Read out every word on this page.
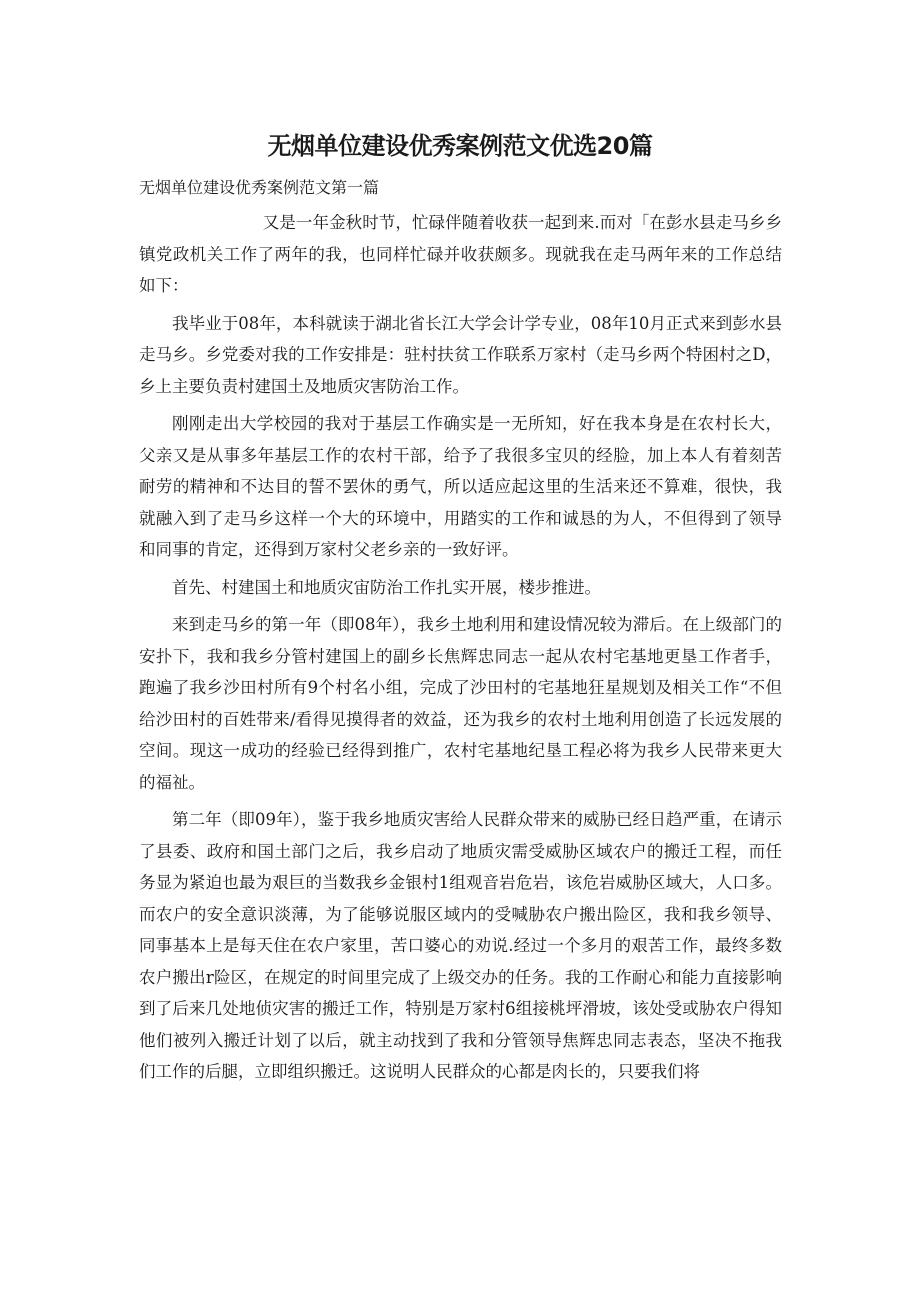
无烟单位建设优秀案例范文优选20篇
无烟单位建设优秀案例范文第一篇

又是一年金秋时节，忙碌伴随着收获一起到来.而对「在彭水县走马乡乡镇党政机关工作了两年的我，也同样忙碌并收获颇多。现就我在走马两年来的工作总结如下：

我毕业于08年，本科就读于湖北省长江大学会计学专业，08年10月正式来到彭水县走马乡。乡党委对我的工作安排是：驻村扶贫工作联系万家村（走马乡两个特困村之D，乡上主要负责村建国土及地质灾害防治工作。

刚刚走出大学校园的我对于基层工作确实是一无所知，好在我本身是在农村长大，父亲又是从事多年基层工作的农村干部，给予了我很多宝贝的经脸，加上本人有着刻苦耐劳的精神和不达目的誓不罢休的勇气，所以适应起这里的生活来还不算难，很快，我就融入到了走马乡这样一个大的环境中，用踏实的工作和诚恳的为人，不但得到了领导和同事的肯定，还得到万家村父老乡亲的一致好评。

首先、村建国土和地质灾宙防治工作扎实开展，楼步推进。

来到走马乡的第一年（即08年），我乡土地利用和建设情况较为滞后。在上级部门的安扑下，我和我乡分管村建国上的副乡长焦辉忠同志一起从农村宅基地更垦工作者手，跑遍了我乡沙田村所有9个村名小组，完成了沙田村的宅基地狂星规划及相关工作“不但给沙田村的百姓带来/看得见摸得者的效益，还为我乡的农村土地利用创造了长远发展的空间。现这一成功的经验已经得到推广，农村宅基地纪垦工程必将为我乡人民带来更大的福祉。

第二年（即09年），鉴于我乡地质灾害给人民群众带来的威胁已经日趋严重，在请示了县委、政府和国土部门之后，我乡启动了地质灾需受威胁区域农户的搬迁工程，而任务显为紧迫也最为艰巨的当数我乡金银村1组观音岩危岩，该危岩威胁区域大，人口多。而农户的安全意识淡薄，为了能够说服区域内的受喊胁农户搬出险区，我和我乡领导、同事基本上是每天住在农户家里，苦口婆心的劝说.经过一个多月的艰苦工作，最终多数农户搬出r险区，在规定的时间里完成了上级交办的任务。我的工作耐心和能力直接影响到了后来几处地侦灾害的搬迁工作，特别是万家村6组接桃坪滑坡，该处受或胁农户得知他们被列入搬迁计划了以后，就主动找到了我和分管领导焦辉忠同志表态，坚决不拖我们工作的后腿，立即组织搬迁。这说明人民群众的心都是肉长的，只要我们将
